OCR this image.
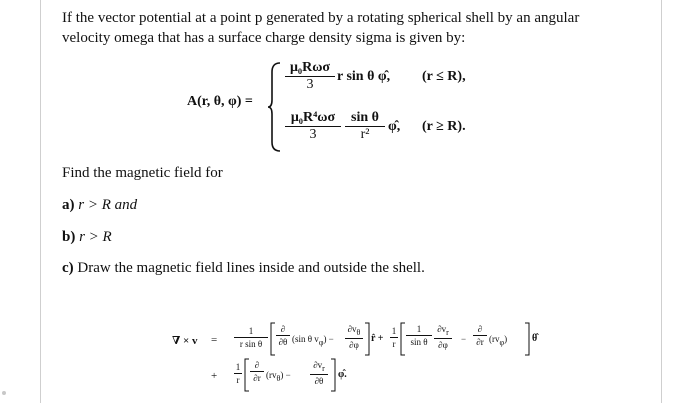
If the vector potential at a point p generated by a rotating spherical shell by an angular
velocity omega that has a surface charge density sigma is given by:
A(r, θ, φ) =
μ₀Rωσ
3
r sin θ φ̂, (r ≤ R),
$\frac{\text{μ₀R⁴ωσ}}{3} \frac{\text{sin θ}}{\text{r²}}$ φ̂, (r ≥ R).
Find the magnetic field for
a) r > R and
b) r > R
c) Draw the magnetic field lines inside and outside the shell.
∇ × $v = \frac{1}{\text{r sin θ}}$	∂
∂θ (sin θ $v_\varphi) - \frac{\partial v_\theta}{\partial\varphi}$ r̂ + $\frac{1}{r} \frac{1}{\text{sin θ}} \frac{\partial v_r}{\partial\varphi}$ −
∂
∂r $(rv_\varphi)$ θ̂
+ $\frac{1}{r}$	∂
∂r $(rv_\theta) - \frac{\partial v_r}{\partial\theta}$ φ̂.
